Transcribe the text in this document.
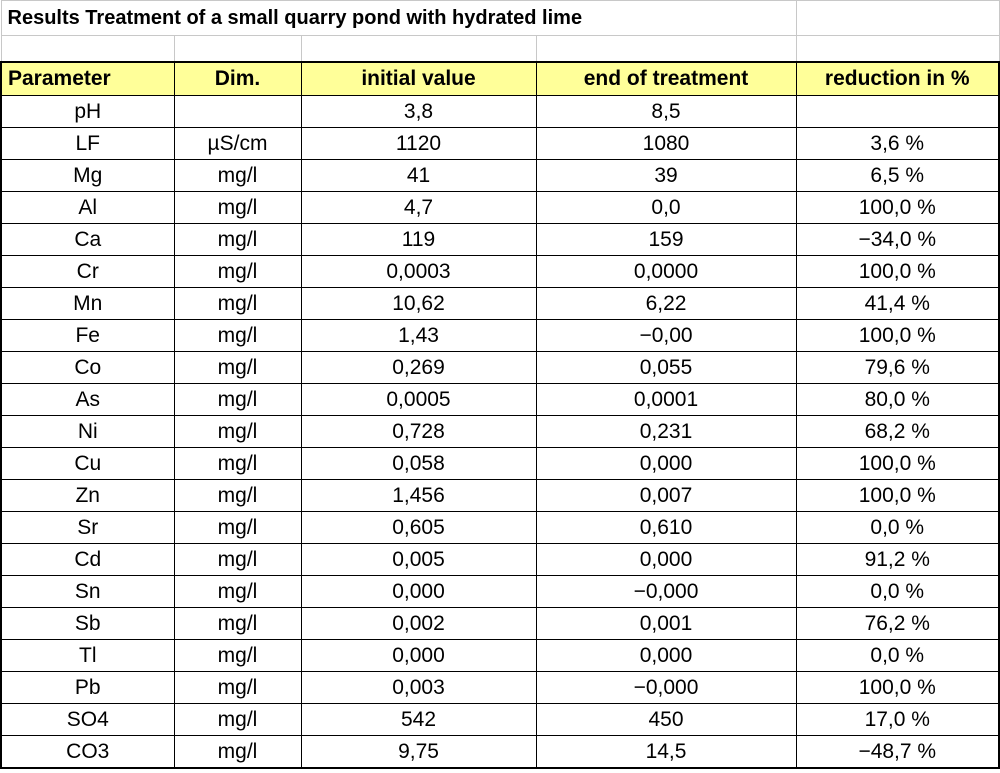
Results Treatment of a small quarry pond with hydrated lime				

Parameter	Dim.	initial value	end of treatment	reduction in %
pH		3,8	8,5	
LF	µS/cm	1120	1080	3,6 %
Mg	mg/l	41	39	6,5 %
Al	mg/l	4,7	0,0	100,0 %
Ca	mg/l	119	159	−34,0 %
Cr	mg/l	0,0003	0,0000	100,0 %
Mn	mg/l	10,62	6,22	41,4 %
Fe	mg/l	1,43	−0,00	100,0 %
Co	mg/l	0,269	0,055	79,6 %
As	mg/l	0,0005	0,0001	80,0 %
Ni	mg/l	0,728	0,231	68,2 %
Cu	mg/l	0,058	0,000	100,0 %
Zn	mg/l	1,456	0,007	100,0 %
Sr	mg/l	0,605	0,610	0,0 %
Cd	mg/l	0,005	0,000	91,2 %
Sn	mg/l	0,000	−0,000	0,0 %
Sb	mg/l	0,002	0,001	76,2 %
Tl	mg/l	0,000	0,000	0,0 %
Pb	mg/l	0,003	−0,000	100,0 %
SO4	mg/l	542	450	17,0 %
CO3	mg/l	9,75	14,5	−48,7 %
